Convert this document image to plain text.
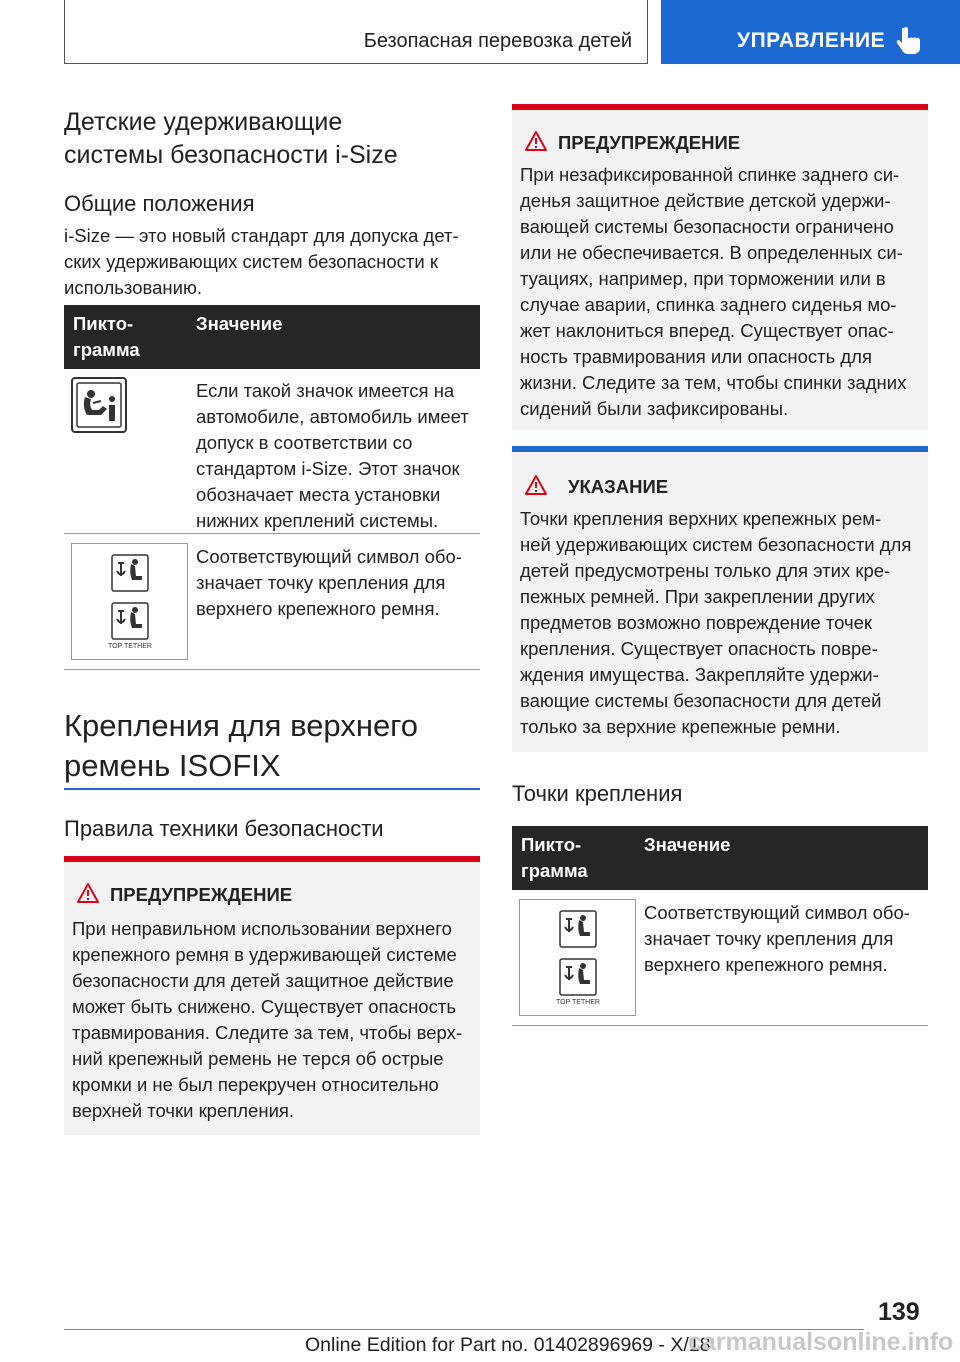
Безопасная перевозка детей	УПРАВЛЕНИЕ
Детские удерживающие
системы безопасности i-Size
Общие положения
i-Size — это новый стандарт для допуска дет-
ских удерживающих систем безопасности к
использованию.
Пикто-
грамма
Значение
Если такой значок имеется на
автомобиле, автомобиль имеет
допуск в соответствии со
стандартом i-Size. Этот значок
обозначает места установки
нижних креплений системы.
TOP TETHER
Соответствующий символ обо-
значает точку крепления для
верхнего крепежного ремня.
Крепления для верхнего
ремень ISOFIX
Правила техники безопасности
ПРЕДУПРЕЖДЕНИЕ
При неправильном использовании верхнего
крепежного ремня в удерживающей системе
безопасности для детей защитное действие
может быть снижено. Существует опасность
травмирования. Следите за тем, чтобы верх-
ний крепежный ремень не терся об острые
кромки и не был перекручен относительно
верхней точки крепления.
ПРЕДУПРЕЖДЕНИЕ
При незафиксированной спинке заднего си-
денья защитное действие детской удержи-
вающей системы безопасности ограничено
или не обеспечивается. В определенных си-
туациях, например, при торможении или в
случае аварии, спинка заднего сиденья мо-
жет наклониться вперед. Существует опас-
ность травмирования или опасность для
жизни. Следите за тем, чтобы спинки задних
сидений были зафиксированы.
УКАЗАНИЕ
Точки крепления верхних крепежных рем-
ней удерживающих систем безопасности для
детей предусмотрены только для этих кре-
пежных ремней. При закреплении других
предметов возможно повреждение точек
крепления. Существует опасность повре-
ждения имущества. Закрепляйте удержи-
вающие системы безопасности для детей
только за верхние крепежные ремни.
Точки крепления
Пикто-
грамма
Значение
TOP TETHER
Соответствующий символ обо-
значает точку крепления для
верхнего крепежного ремня.
139
Online Edition for Part no. 01402896969 - X/18
carmanualsonline.info
